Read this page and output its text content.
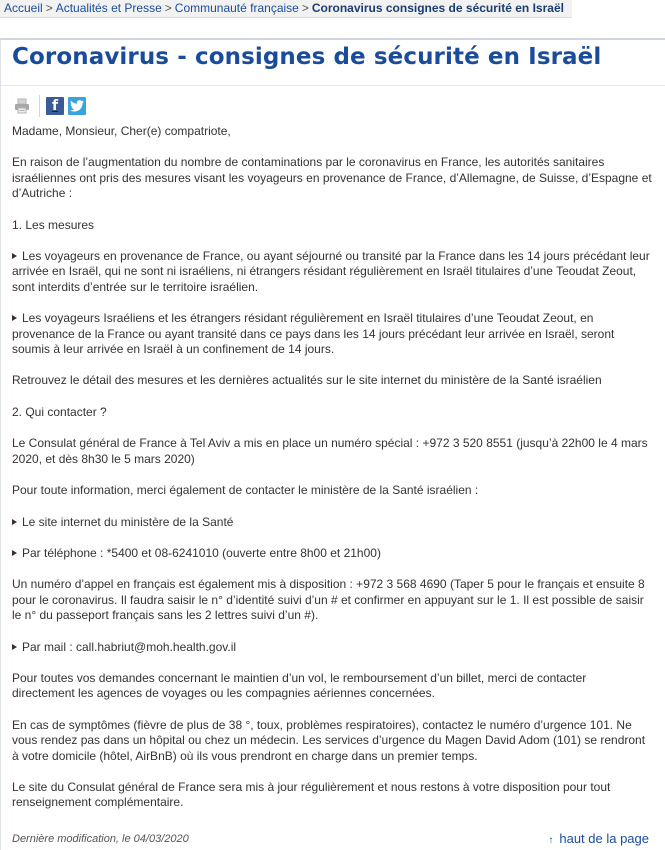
Accueil > Actualités et Presse > Communauté française > Coronavirus consignes de sécurité en Israël
Coronavirus - consignes de sécurité en Israël
f

Madame, Monsieur, Cher(e) compatriote,

En raison de l’augmentation du nombre de contaminations par le coronavirus en France, les autorités sanitaires israéliennes ont pris des mesures visant les voyageurs en provenance de France, d’Allemagne, de Suisse, d’Espagne et d’Autriche :

1. Les mesures

Les voyageurs en provenance de France, ou ayant séjourné ou transité par la France dans les 14 jours précédant leur arrivée en Israël, qui ne sont ni israéliens, ni étrangers résidant régulièrement en Israël titulaires d’une Teoudat Zeout, sont interdits d’entrée sur le territoire israélien.

Les voyageurs Israéliens et les étrangers résidant régulièrement en Israël titulaires d’une Teoudat Zeout, en provenance de la France ou ayant transité dans ce pays dans les 14 jours précédant leur arrivée en Israël, seront soumis à leur arrivée en Israël à un confinement de 14 jours.

Retrouvez le détail des mesures et les dernières actualités sur le site internet du ministère de la Santé israélien

2. Qui contacter ?

Le Consulat général de France à Tel Aviv a mis en place un numéro spécial : +972 3 520 8551 (jusqu’à 22h00 le 4 mars 2020, et dès 8h30 le 5 mars 2020)

Pour toute information, merci également de contacter le ministère de la Santé israélien :

Le site internet du ministère de la Santé

Par téléphone : *5400 et 08-6241010 (ouverte entre 8h00 et 21h00)

Un numéro d’appel en français est également mis à disposition : +972 3 568 4690 (Taper 5 pour le français et ensuite 8 pour le coronavirus. Il faudra saisir le n° d’identité suivi d’un # et confirmer en appuyant sur le 1. Il est possible de saisir le n° du passeport français sans les 2 lettres suivi d’un #).

Par mail : call.habriut@moh.health.gov.il

Pour toutes vos demandes concernant le maintien d’un vol, le remboursement d’un billet, merci de contacter directement les agences de voyages ou les compagnies aériennes concernées.

En cas de symptômes (fièvre de plus de 38 °, toux, problèmes respiratoires), contactez le numéro d’urgence 101. Ne vous rendez pas dans un hôpital ou chez un médecin. Les services d’urgence du Magen David Adom (101) se rendront à votre domicile (hôtel, AirBnB) où ils vous prendront en charge dans un premier temps.

Le site du Consulat général de France sera mis à jour régulièrement et nous restons à votre disposition pour tout renseignement complémentaire.

Dernière modification, le 04/03/2020	↑ haut de la page
